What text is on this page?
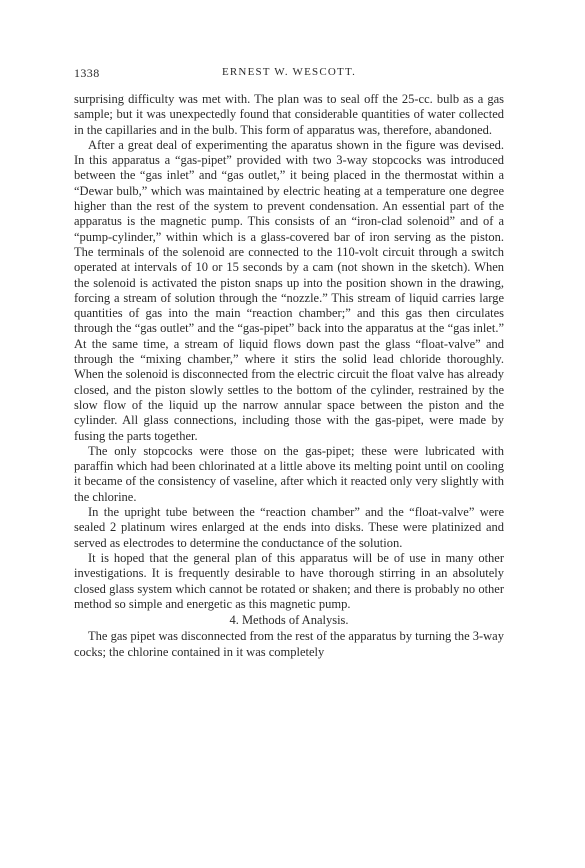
1338	ERNEST W. WESCOTT.

surprising difficulty was met with. The plan was to seal off the 25-cc. bulb as a gas sample; but it was unexpectedly found that considerable quantities of water collected in the capillaries and in the bulb. This form of apparatus was, therefore, abandoned.

After a great deal of experimenting the aparatus shown in the figure was devised. In this apparatus a “gas-pipet” provided with two 3-way stopcocks was introduced between the “gas inlet” and “gas outlet,” it being placed in the thermostat within a “Dewar bulb,” which was maintained by electric heating at a temperature one degree higher than the rest of the system to prevent condensation. An essential part of the apparatus is the magnetic pump. This consists of an “iron-clad solenoid” and of a “pump-cylinder,” within which is a glass-covered bar of iron serving as the piston. The terminals of the solenoid are connected to the 110-volt circuit through a switch operated at intervals of 10 or 15 seconds by a cam (not shown in the sketch). When the solenoid is activated the piston snaps up into the position shown in the drawing, forcing a stream of solution through the “nozzle.” This stream of liquid carries large quantities of gas into the main “reaction chamber;” and this gas then circulates through the “gas outlet” and the “gas-pipet” back into the apparatus at the “gas inlet.” At the same time, a stream of liquid flows down past the glass “float-valve” and through the “mixing chamber,” where it stirs the solid lead chloride thoroughly. When the solenoid is disconnected from the electric circuit the float valve has already closed, and the piston slowly settles to the bottom of the cylinder, restrained by the slow flow of the liquid up the narrow annular space between the piston and the cylinder. All glass connections, including those with the gas-pipet, were made by fusing the parts together.

The only stopcocks were those on the gas-pipet; these were lubricated with paraffin which had been chlorinated at a little above its melting point until on cooling it became of the consistency of vaseline, after which it reacted only very slightly with the chlorine.

In the upright tube between the “reaction chamber” and the “float-valve” were sealed 2 platinum wires enlarged at the ends into disks. These were platinized and served as electrodes to determine the conductance of the solution.

It is hoped that the general plan of this apparatus will be of use in many other investigations. It is frequently desirable to have thorough stirring in an absolutely closed glass system which cannot be rotated or shaken; and there is probably no other method so simple and energetic as this magnetic pump.

4. Methods of Analysis.

The gas pipet was disconnected from the rest of the apparatus by turning the 3-way cocks; the chlorine contained in it was completely
